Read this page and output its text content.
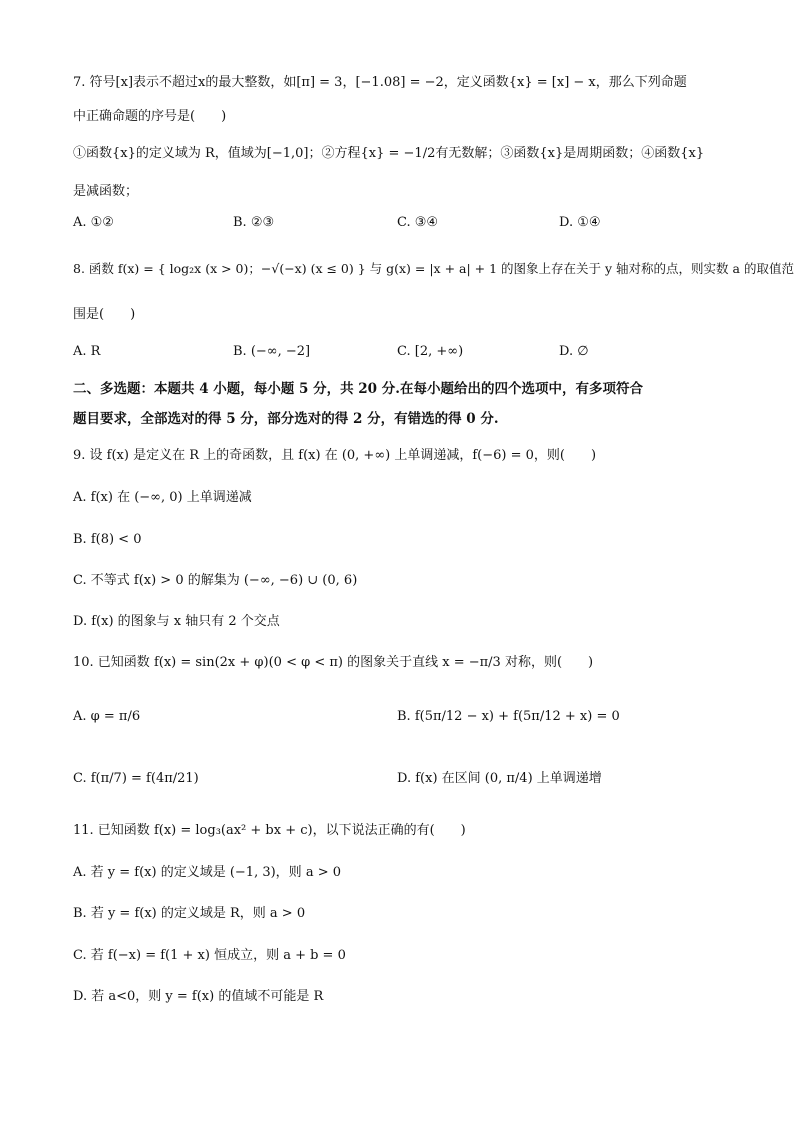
7. 符号[x]表示不超过x的最大整数，如[π] = 3，[−1.08] = −2，定义函数{x} = [x] − x，那么下列命题
中正确命题的序号是(　　)
①函数{x}的定义域为 R，值域为[−1,0]；②方程{x} = −1/2有无数解；③函数{x}是周期函数；④函数{x}
是减函数；
A. ①②	B. ②③	C. ③④	D. ①④
8. 函数 f(x) = { log₂x (x > 0)；−√(−x) (x ≤ 0) } 与 g(x) = |x + a| + 1 的图象上存在关于 y 轴对称的点，则实数 a 的取值范
围是(　　)
A. R	B. (−∞, −2]	C. [2, +∞)	D. ∅
二、多选题：本题共 4 小题，每小题 5 分，共 20 分.在每小题给出的四个选项中，有多项符合
题目要求，全部选对的得 5 分，部分选对的得 2 分，有错选的得 0 分.
9. 设 f(x) 是定义在 R 上的奇函数，且 f(x) 在 (0, +∞) 上单调递减，f(−6) = 0，则(　　)
A. f(x) 在 (−∞, 0) 上单调递减
B. f(8) < 0
C. 不等式 f(x) > 0 的解集为 (−∞, −6) ∪ (0, 6)
D. f(x) 的图象与 x 轴只有 2 个交点
10. 已知函数 f(x) = sin(2x + φ)(0 < φ < π) 的图象关于直线 x = −π/3 对称，则(　　)
A. φ = π/6	B. f(5π/12 − x) + f(5π/12 + x) = 0
C. f(π/7) = f(4π/21)	D. f(x) 在区间 (0, π/4) 上单调递增
11. 已知函数 f(x) = log₃(ax² + bx + c)，以下说法正确的有(　　)
A. 若 y = f(x) 的定义域是 (−1, 3)，则 a > 0
B. 若 y = f(x) 的定义域是 R，则 a > 0
C. 若 f(−x) = f(1 + x) 恒成立，则 a + b = 0
D. 若 a<0，则 y = f(x) 的值域不可能是 R
